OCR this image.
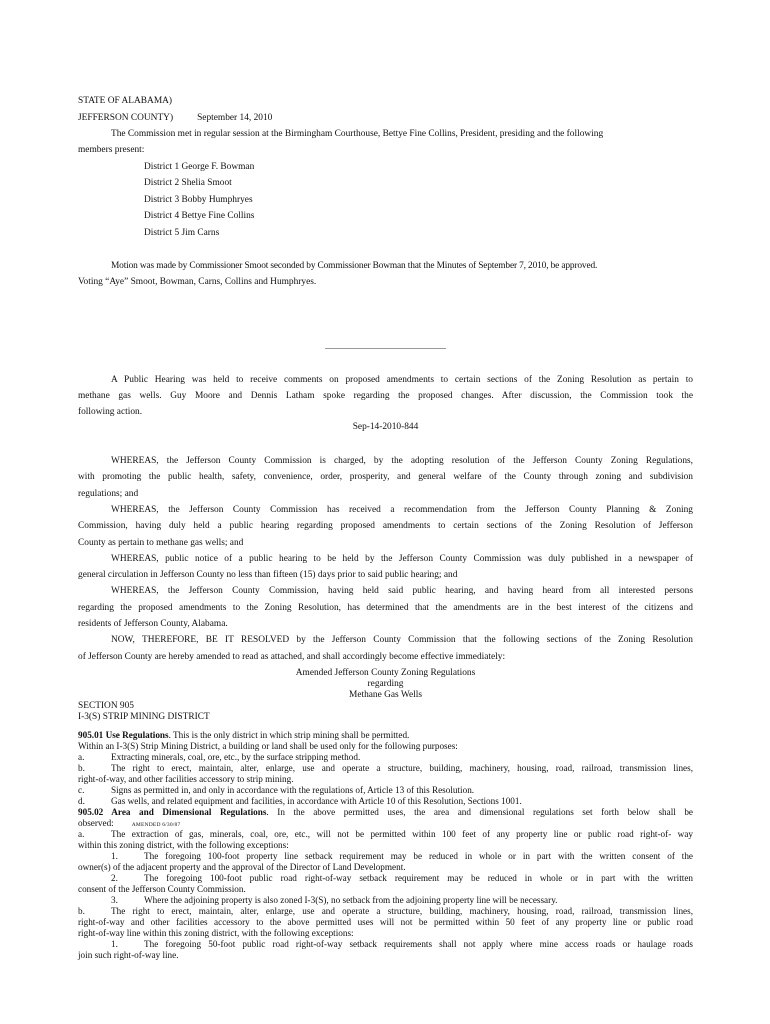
STATE OF ALABAMA)
JEFFERSON COUNTY)	September 14, 2010
The Commission met in regular session at the Birmingham Courthouse, Bettye Fine Collins, President, presiding and the following
members present:
District 1 George F. Bowman
District 2 Shelia Smoot
District 3 Bobby Humphryes
District 4 Bettye Fine Collins
District 5 Jim Carns
Motion was made by Commissioner Smoot seconded by Commissioner Bowman that the Minutes of September 7, 2010, be approved.
Voting “Aye” Smoot, Bowman, Carns, Collins and Humphryes.
A Public Hearing was held to receive comments on proposed amendments to certain sections of the Zoning Resolution as pertain to
methane gas wells. Guy Moore and Dennis Latham spoke regarding the proposed changes. After discussion, the Commission took the
following action.
Sep-14-2010-844
WHEREAS, the Jefferson County Commission is charged, by the adopting resolution of the Jefferson County Zoning Regulations,
with promoting the public health, safety, convenience, order, prosperity, and general welfare of the County through zoning and subdivision
regulations; and
WHEREAS, the Jefferson County Commission has received a recommendation from the Jefferson County Planning & Zoning
Commission, having duly held a public hearing regarding proposed amendments to certain sections of the Zoning Resolution of Jefferson
County as pertain to methane gas wells; and
WHEREAS, public notice of a public hearing to be held by the Jefferson County Commission was duly published in a newspaper of
general circulation in Jefferson County no less than fifteen (15) days prior to said public hearing; and
WHEREAS, the Jefferson County Commission, having held said public hearing, and having heard from all interested persons
regarding the proposed amendments to the Zoning Resolution, has determined that the amendments are in the best interest of the citizens and
residents of Jefferson County, Alabama.
NOW, THEREFORE, BE IT RESOLVED by the Jefferson County Commission that the following sections of the Zoning Resolution
of Jefferson County are hereby amended to read as attached, and shall accordingly become effective immediately:
Amended Jefferson County Zoning Regulations
regarding
Methane Gas Wells
SECTION 905
I-3(S) STRIP MINING DISTRICT
905.01 Use Regulations. This is the only district in which strip mining shall be permitted.
Within an I-3(S) Strip Mining District, a building or land shall be used only for the following purposes:
a.	Extracting minerals, coal, ore, etc., by the surface stripping method.
b.	The right to erect, maintain, alter, enlarge, use and operate a structure, building, machinery, housing, road, railroad, transmission lines,
right-of-way, and other facilities accessory to strip mining.
c.	Signs as permitted in, and only in accordance with the regulations of, Article 13 of this Resolution.
d.	Gas wells, and related equipment and facilities, in accordance with Article 10 of this Resolution, Sections 1001.
905.02 Area and Dimensional Regulations. In the above permitted uses, the area and dimensional regulations set forth below shall be
observed:	AMENDED 6/30/87
a.	The extraction of gas, minerals, coal, ore, etc., will not be permitted within 100 feet of any property line or public road right-of- way
within this zoning district, with the following exceptions:
1.	The foregoing 100-foot property line setback requirement may be reduced in whole or in part with the written consent of the
owner(s) of the adjacent property and the approval of the Director of Land Development.
2.	The foregoing 100-foot public road right-of-way setback requirement may be reduced in whole or in part with the written
consent of the Jefferson County Commission.
3.	Where the adjoining property is also zoned I-3(S), no setback from the adjoining property line will be necessary.
b.	The right to erect, maintain, alter, enlarge, use and operate a structure, building, machinery, housing, road, railroad, transmission lines,
right-of-way and other facilities accessory to the above permitted uses will not be permitted within 50 feet of any property line or public road
right-of-way line within this zoning district, with the following exceptions:
1.	The foregoing 50-foot public road right-of-way setback requirements shall not apply where mine access roads or haulage roads
join such right-of-way line.
